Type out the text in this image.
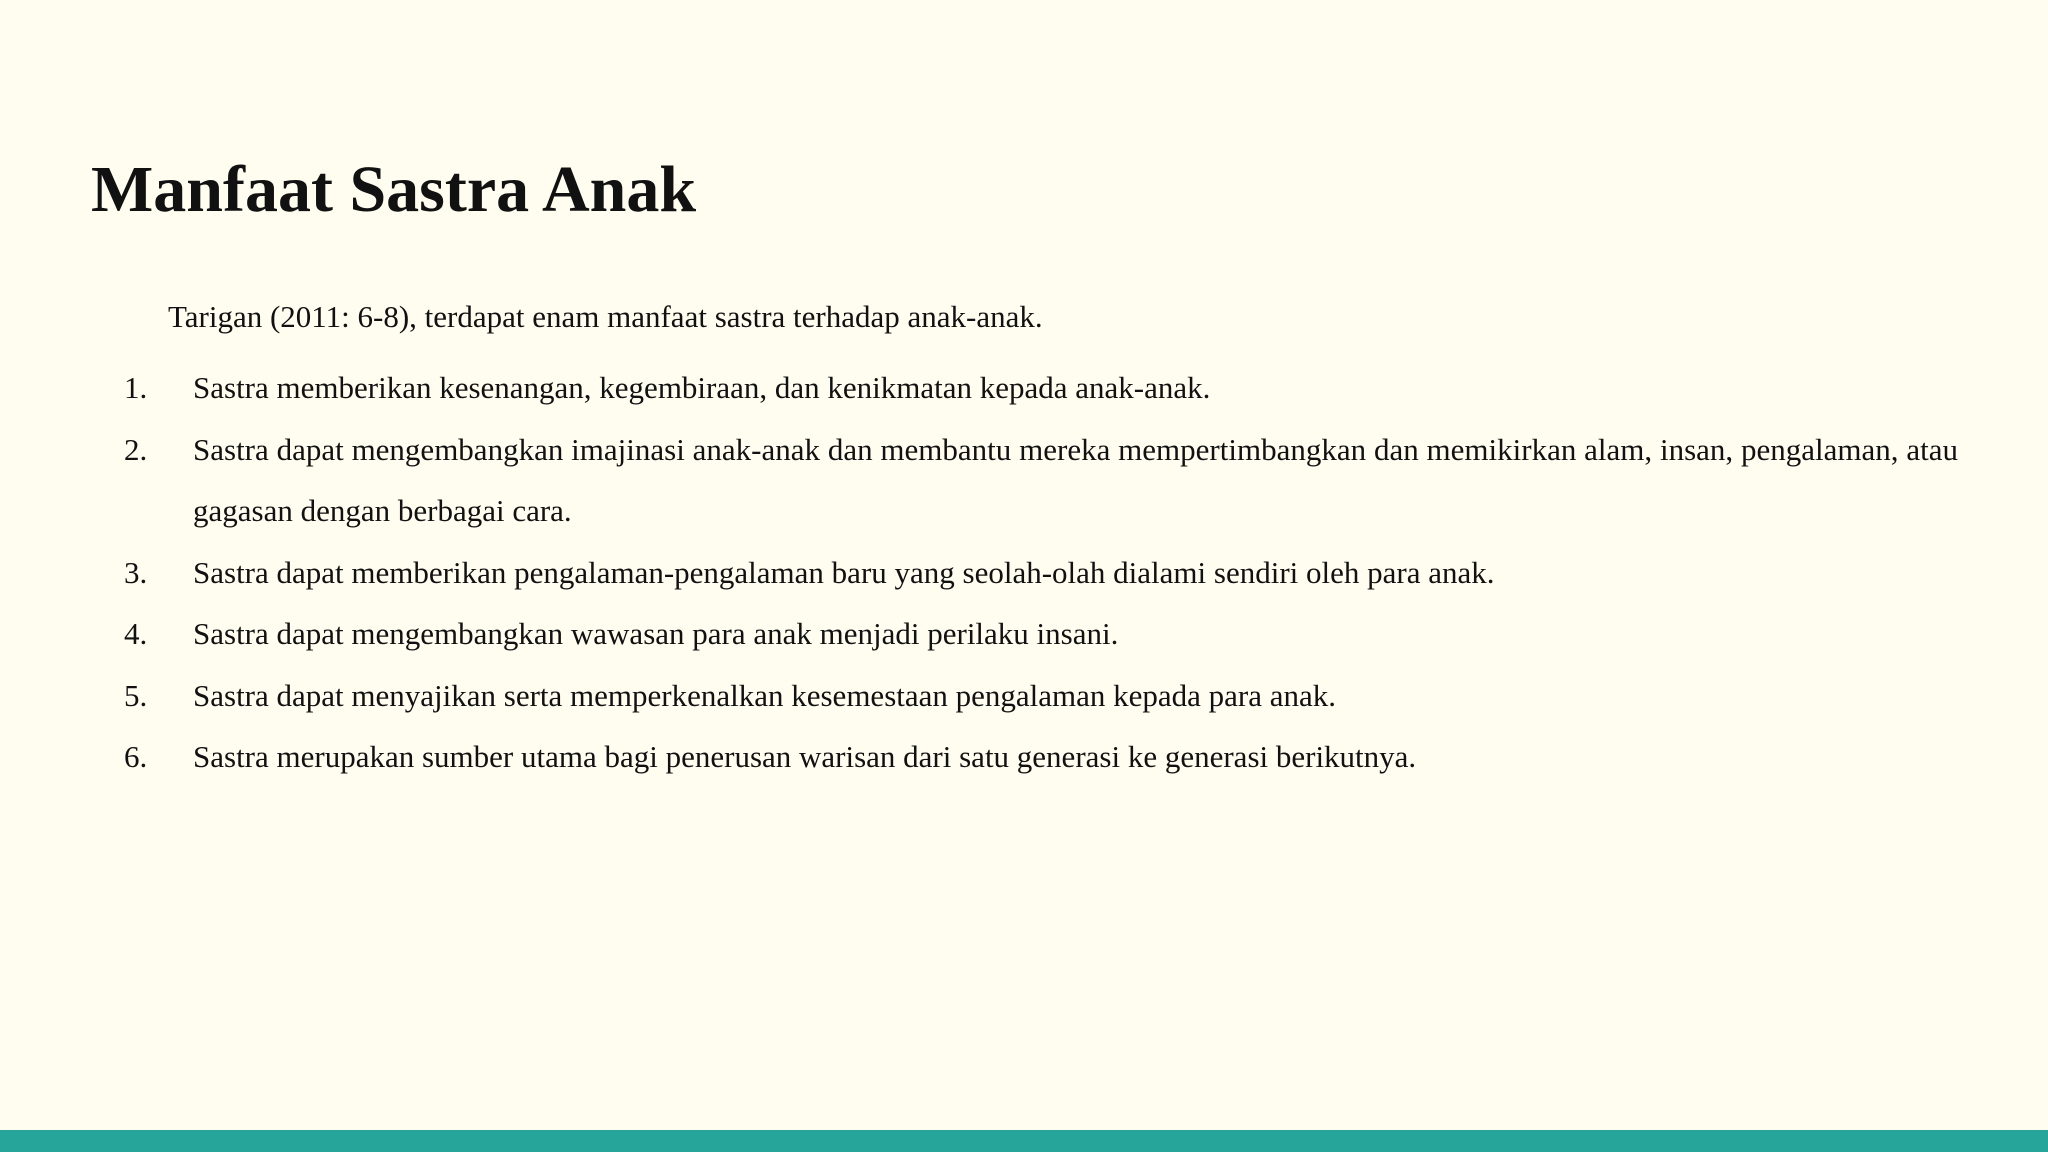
Manfaat Sastra Anak
Tarigan (2011: 6-8), terdapat enam manfaat sastra terhadap anak-anak.
1. Sastra memberikan kesenangan, kegembiraan, dan kenikmatan kepada anak-anak.
2. Sastra dapat mengembangkan imajinasi anak-anak dan membantu mereka mempertimbangkan dan memikirkan alam, insan, pengalaman, atau gagasan dengan berbagai cara.
3. Sastra dapat memberikan pengalaman-pengalaman baru yang seolah-olah dialami sendiri oleh para anak.
4. Sastra dapat mengembangkan wawasan para anak menjadi perilaku insani.
5. Sastra dapat menyajikan serta memperkenalkan kesemestaan pengalaman kepada para anak.
6. Sastra merupakan sumber utama bagi penerusan warisan dari satu generasi ke generasi berikutnya.
